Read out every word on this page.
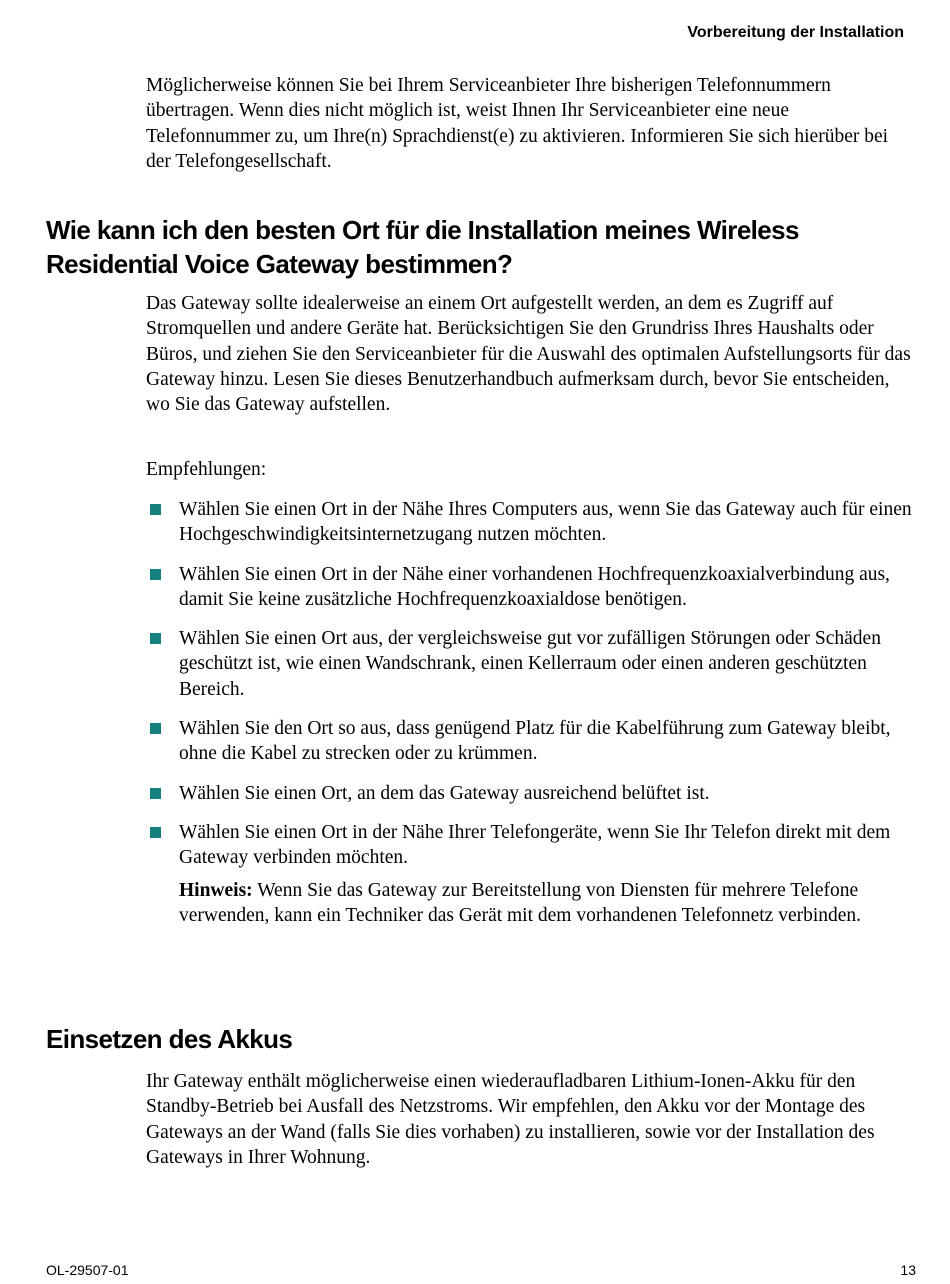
Vorbereitung der Installation

Möglicherweise können Sie bei Ihrem Serviceanbieter Ihre bisherigen Telefonnummern übertragen. Wenn dies nicht möglich ist, weist Ihnen Ihr Serviceanbieter eine neue Telefonnummer zu, um Ihre(n) Sprachdienst(e) zu aktivieren. Informieren Sie sich hierüber bei der Telefongesellschaft.

Wie kann ich den besten Ort für die Installation meines Wireless Residential Voice Gateway bestimmen?

Das Gateway sollte idealerweise an einem Ort aufgestellt werden, an dem es Zugriff auf Stromquellen und andere Geräte hat. Berücksichtigen Sie den Grundriss Ihres Haushalts oder Büros, und ziehen Sie den Serviceanbieter für die Auswahl des optimalen Aufstellungsorts für das Gateway hinzu. Lesen Sie dieses Benutzerhandbuch aufmerksam durch, bevor Sie entscheiden, wo Sie das Gateway aufstellen.

Empfehlungen:

Wählen Sie einen Ort in der Nähe Ihres Computers aus, wenn Sie das Gateway auch für einen Hochgeschwindigkeitsinternetzugang nutzen möchten.
Wählen Sie einen Ort in der Nähe einer vorhandenen Hochfrequenzkoaxialverbindung aus, damit Sie keine zusätzliche Hochfrequenzkoaxialdose benötigen.
Wählen Sie einen Ort aus, der vergleichsweise gut vor zufälligen Störungen oder Schäden geschützt ist, wie einen Wandschrank, einen Kellerraum oder einen anderen geschützten Bereich.
Wählen Sie den Ort so aus, dass genügend Platz für die Kabelführung zum Gateway bleibt, ohne die Kabel zu strecken oder zu krümmen.
Wählen Sie einen Ort, an dem das Gateway ausreichend belüftet ist.
Wählen Sie einen Ort in der Nähe Ihrer Telefongeräte, wenn Sie Ihr Telefon direkt mit dem Gateway verbinden möchten.
Hinweis: Wenn Sie das Gateway zur Bereitstellung von Diensten für mehrere Telefone verwenden, kann ein Techniker das Gerät mit dem vorhandenen Telefonnetz verbinden.
Einsetzen des Akkus

Ihr Gateway enthält möglicherweise einen wiederaufladbaren Lithium-Ionen-Akku für den Standby-Betrieb bei Ausfall des Netzstroms. Wir empfehlen, den Akku vor der Montage des Gateways an der Wand (falls Sie dies vorhaben) zu installieren, sowie vor der Installation des Gateways in Ihrer Wohnung.

OL-29507-01	13
